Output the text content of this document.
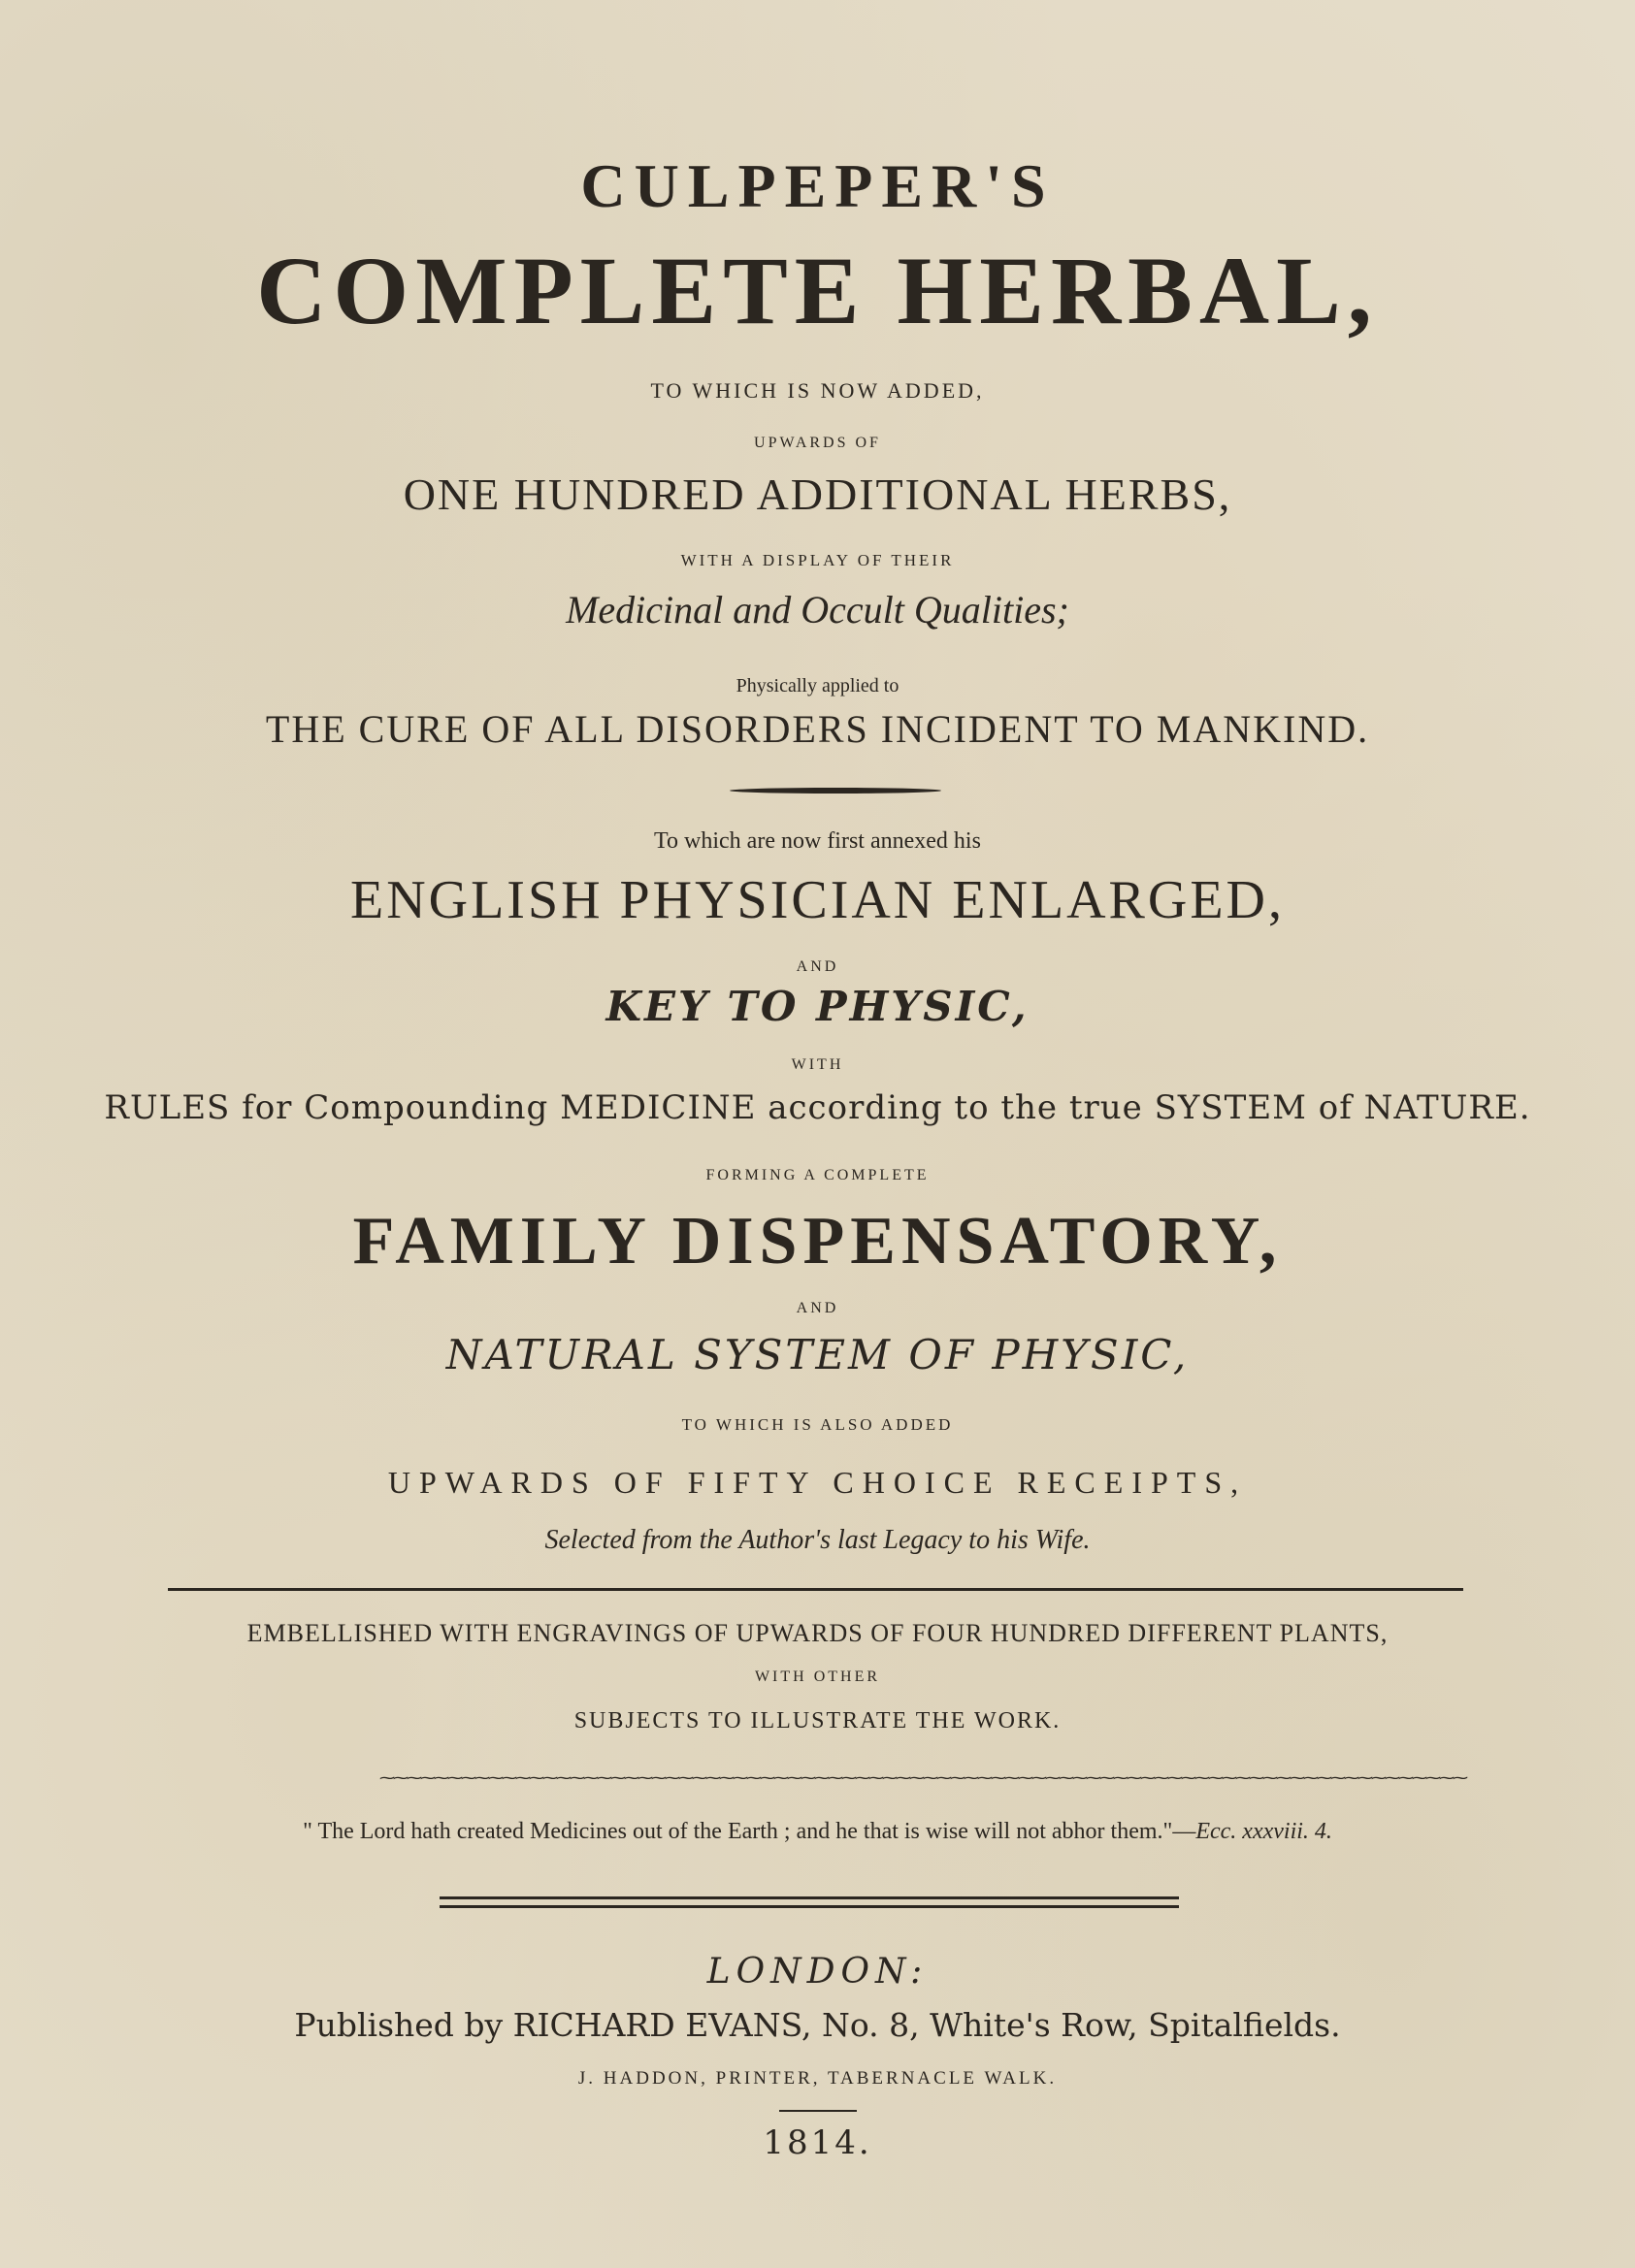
CULPEPER'S
COMPLETE HERBAL,
TO WHICH IS NOW ADDED,
UPWARDS OF
ONE HUNDRED ADDITIONAL HERBS,
WITH A DISPLAY OF THEIR
Medicinal and Occult Qualities;
Physically applied to
THE CURE OF ALL DISORDERS INCIDENT TO MANKIND.
To which are now first annexed his
ENGLISH PHYSICIAN ENLARGED,
AND
KEY TO PHYSIC,
WITH
RULES for Compounding MEDICINE according to the true SYSTEM of NATURE.
FORMING A COMPLETE
FAMILY DISPENSATORY,
AND
NATURAL SYSTEM OF PHYSIC,
TO WHICH IS ALSO ADDED
UPWARDS OF FIFTY CHOICE RECEIPTS,
Selected from the Author's last Legacy to his Wife.
EMBELLISHED WITH ENGRAVINGS OF UPWARDS OF FOUR HUNDRED DIFFERENT PLANTS,
WITH OTHER
SUBJECTS TO ILLUSTRATE THE WORK.
⁓⁓⁓⁓⁓⁓⁓⁓⁓⁓⁓⁓⁓⁓⁓⁓⁓⁓⁓⁓⁓⁓⁓⁓⁓⁓⁓⁓⁓⁓⁓⁓⁓⁓⁓⁓⁓⁓⁓⁓⁓⁓⁓⁓⁓⁓⁓⁓⁓⁓⁓⁓⁓⁓⁓⁓⁓⁓⁓⁓⁓⁓⁓⁓⁓⁓⁓⁓⁓⁓⁓⁓⁓⁓⁓⁓⁓⁓⁓⁓
" The Lord hath created Medicines out of the Earth ; and he that is wise will not abhor them."—Ecc. xxxviii. 4.
LONDON:
Published by RICHARD EVANS, No. 8, White's Row, Spitalfields.
J. HADDON, PRINTER, TABERNACLE WALK.
1814.
